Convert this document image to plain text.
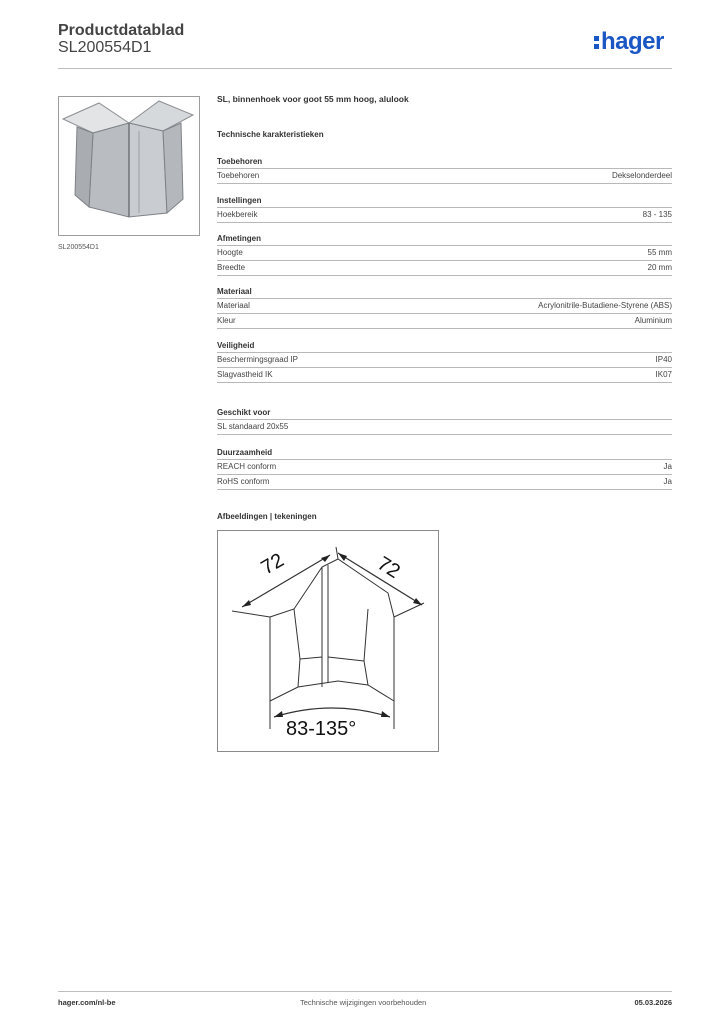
Productdatablad
SL200554D1	hager
SL200554D1
SL, binnenhoek voor goot 55 mm hoog, alulook
Technische karakteristieken
Toebehoren
Toebehoren	Dekselonderdeel
Instellingen
Hoekbereik	83 - 135
Afmetingen
Hoogte	55 mm
Breedte	20 mm
Materiaal
Materiaal	Acrylonitrile-Butadiene-Styrene (ABS)
Kleur	Aluminium
Veiligheid
Beschermingsgraad IP	IP40
Slagvastheid IK	IK07
Geschikt voor
SL standaard 20x55
Duurzaamheid
REACH conform	Ja
RoHS conform	Ja
Afbeeldingen | tekeningen
72	72
83-135°
hager.com/nl-be	Technische wijzigingen voorbehouden	05.03.2026
